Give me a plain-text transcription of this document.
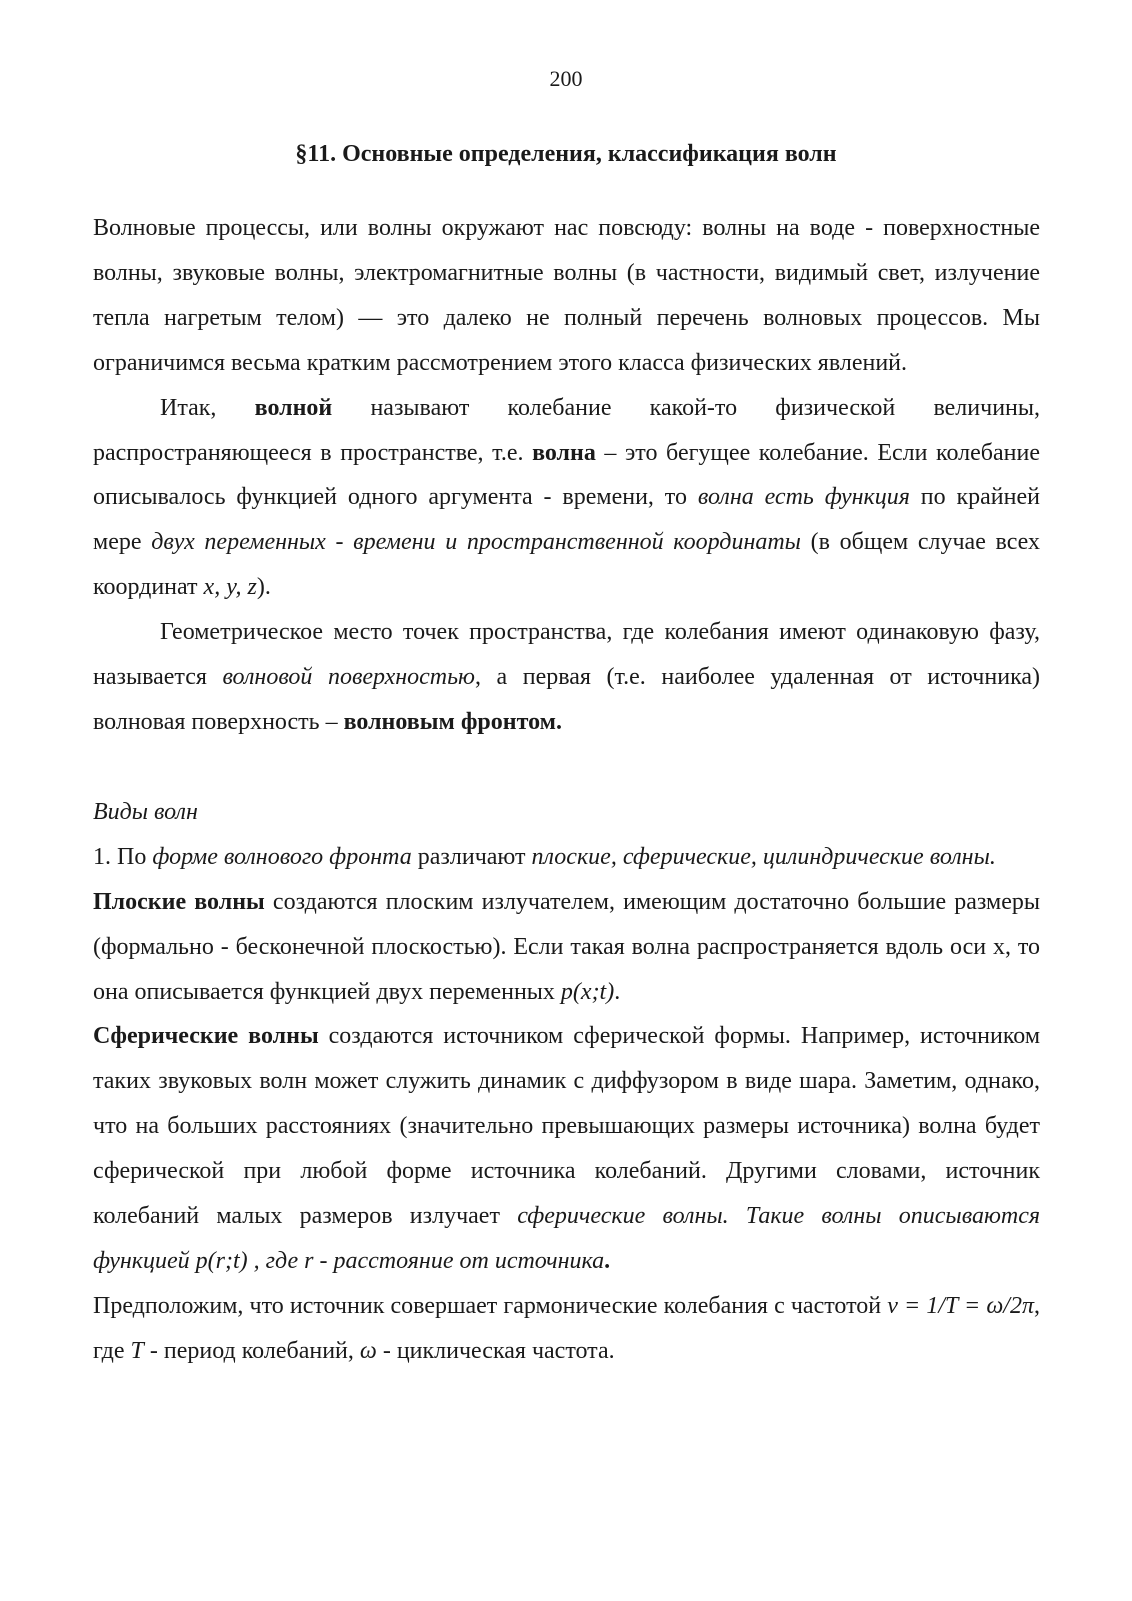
200
§11. Основные определения, классификация волн

Волновые процессы, или волны окружают нас повсюду: волны на воде - поверхностные волны, звуковые волны, электромагнитные волны (в частности, видимый свет, излучение тепла нагретым телом) — это далеко не полный перечень волновых процессов. Мы ограничимся весьма кратким рассмотрением этого класса физических явлений.

Итак, волной называют колебание какой-то физической величины, распространяющееся в пространстве, т.е. волна – это бегущее колебание. Если колебание описывалось функцией одного аргумента - времени, то волна есть функция по крайней мере двух переменных - времени и пространственной координаты (в общем случае всех координат x, y, z).

Геометрическое место точек пространства, где колебания имеют одинаковую фазу, называется волновой поверхностью, а первая (т.е. наиболее удаленная от источника) волновая поверхность – волновым фронтом.

Виды волн

1. По форме волнового фронта различают плоские, сферические, цилиндрические волны.

Плоские волны создаются плоским излучателем, имеющим достаточно большие размеры (формально - бесконечной плоскостью). Если такая волна распространяется вдоль оси x, то она описывается функцией двух переменных p(x;t).

Сферические волны создаются источником сферической формы. Например, источником таких звуковых волн может служить динамик с диффузором в виде шара. Заметим, однако, что на больших расстояниях (значительно превышающих размеры источника) волна будет сферической при любой форме источника колебаний. Другими словами, источник колебаний малых размеров излучает сферические волны. Такие волны описываются функцией p(r;t) , где r - расстояние от источника.

Предположим, что источник совершает гармонические колебания с частотой ν = 1/T = ω/2π, где T - период колебаний, ω - циклическая частота.
